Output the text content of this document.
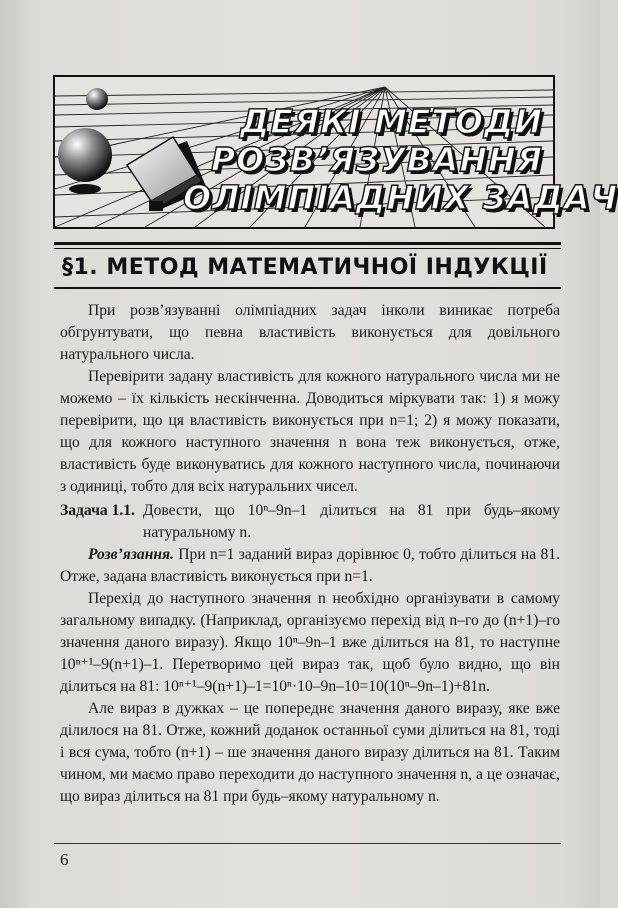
ДЕЯКІ МЕТОДИ
РОЗВ’ЯЗУВАННЯ
ОЛІМПІАДНИХ ЗАДАЧ
§1. МЕТОД МАТЕМАТИЧНОЇ ІНДУКЦІЇ

При розв’язуванні олімпіадних задач інколи виникає потреба обгрунтувати, що певна властивість виконується для довільного натурального числа.

Перевірити задану властивість для кожного натурального числа ми не можемо – їх кількість нескінченна. Доводиться міркувати так: 1) я можу перевірити, що ця властивість виконується при n=1; 2) я можу показати, що для кожного наступного значення n вона теж виконується, отже, властивість буде виконуватись для кожного наступного числа, починаючи з одиниці, тобто для всіх натуральних чисел.

Задача 1.1. Довести, що 10ⁿ–9n–1 ділиться на 81 при будь–якому натуральному n.

Розв’язання. При n=1 заданий вираз дорівнює 0, тобто ділиться на 81. Отже, задана властивість виконується при n=1.

Перехід до наступного значення n необхідно організувати в самому загальному випадку. (Наприклад, організуємо перехід від n–го до (n+1)–го значення даного виразу). Якщо 10ⁿ–9n–1 вже ділиться на 81, то наступне 10ⁿ⁺¹–9(n+1)–1. Перетворимо цей вираз так, щоб було видно, що він ділиться на 81: 10ⁿ⁺¹–9(n+1)–1=10ⁿ·10–9n–10=10(10ⁿ–9n–1)+81n.

Але вираз в дужках – це попереднє значення даного виразу, яке вже ділилося на 81. Отже, кожний доданок останньої суми ділиться на 81, тоді і вся сума, тобто (n+1) – ше значення даного виразу ділиться на 81. Таким чином, ми маємо право переходити до наступного значення n, а це означає, що вираз ділиться на 81 при будь–якому натуральному n.

6
